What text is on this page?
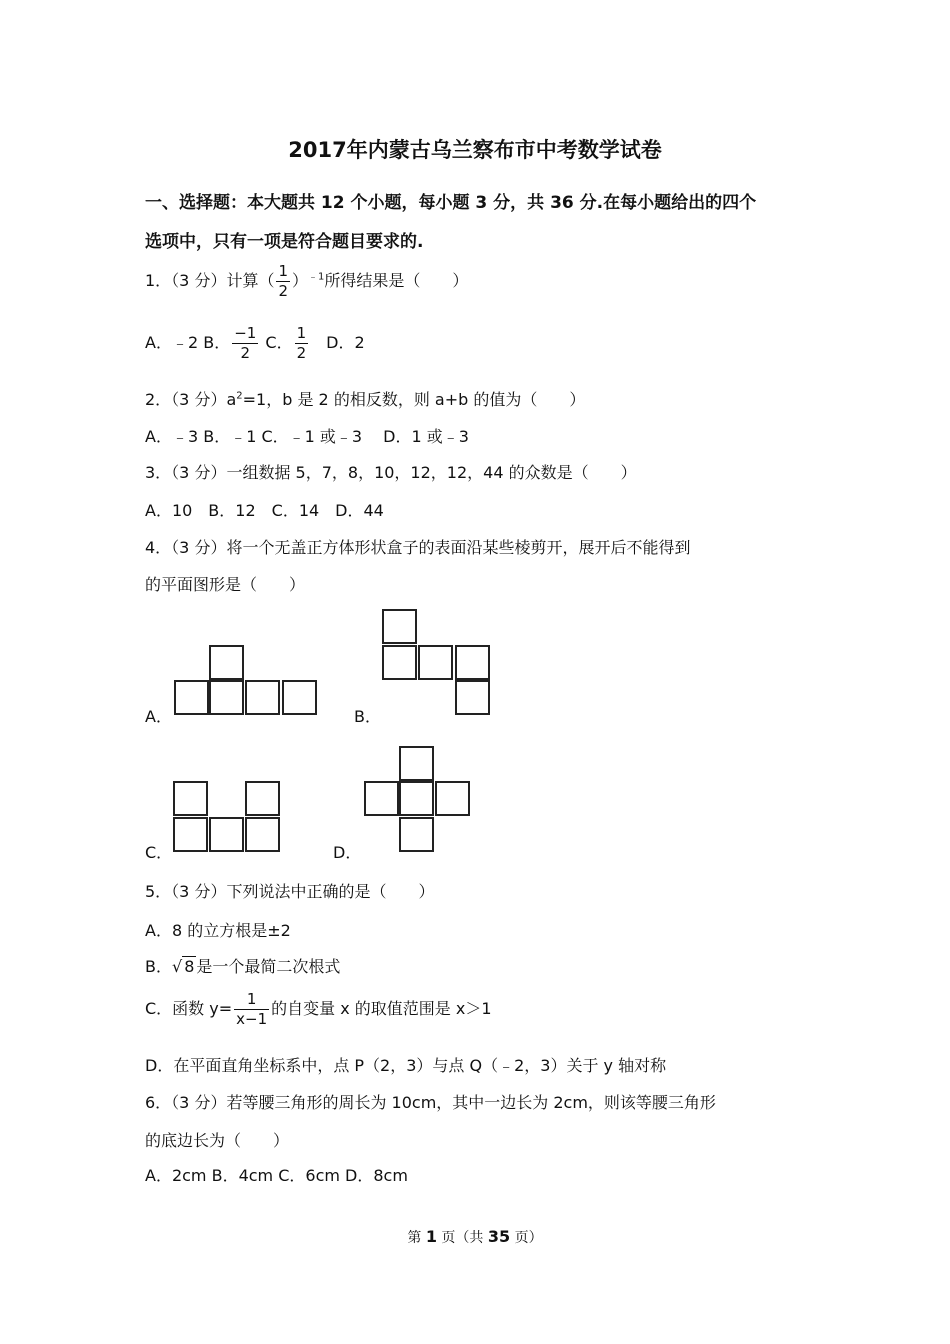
2017年内蒙古乌兰察布市中考数学试卷
一、选择题：本大题共 12 个小题，每小题 3 分，共 36 分.在每小题给出的四个
选项中，只有一项是符合题目要求的.
1．（3 分）计算（ $\frac{1}{2} )^{﹣1}$所得结果是（　　）
A．﹣2 B． $\frac{-1}{2}$ C． $\frac{1}{2}$ 　D．2
2．（3 分）$a^2=1$，b 是 2 的相反数，则 a+b 的值为（　　）
A．﹣3 B．﹣1 C．﹣1 或﹣3　 D．1 或﹣3
3．（3 分）一组数据 5，7，8，10，12，12，44 的众数是（　　）
A．10　B．12　C．14　D．44
4．（3 分）将一个无盖正方体形状盒子的表面沿某些棱剪开，展开后不能得到
的平面图形是（　　）
A．	B．
C．	D．
5．（3 分）下列说法中正确的是（　　）
A．8 的立方根是±2
B．√ 8 是一个最简二次根式
C．函数 $y= \frac{1}{x-1}$ 的自变量 x 的取值范围是 x＞1
D．在平面直角坐标系中，点 P（2，3）与点 Q（﹣2，3）关于 y 轴对称
6．（3 分）若等腰三角形的周长为 10cm，其中一边长为 2cm，则该等腰三角形
的底边长为（　　）
A．2cm B．4cm C．6cm D．8cm
第 1 页（共 35 页）
